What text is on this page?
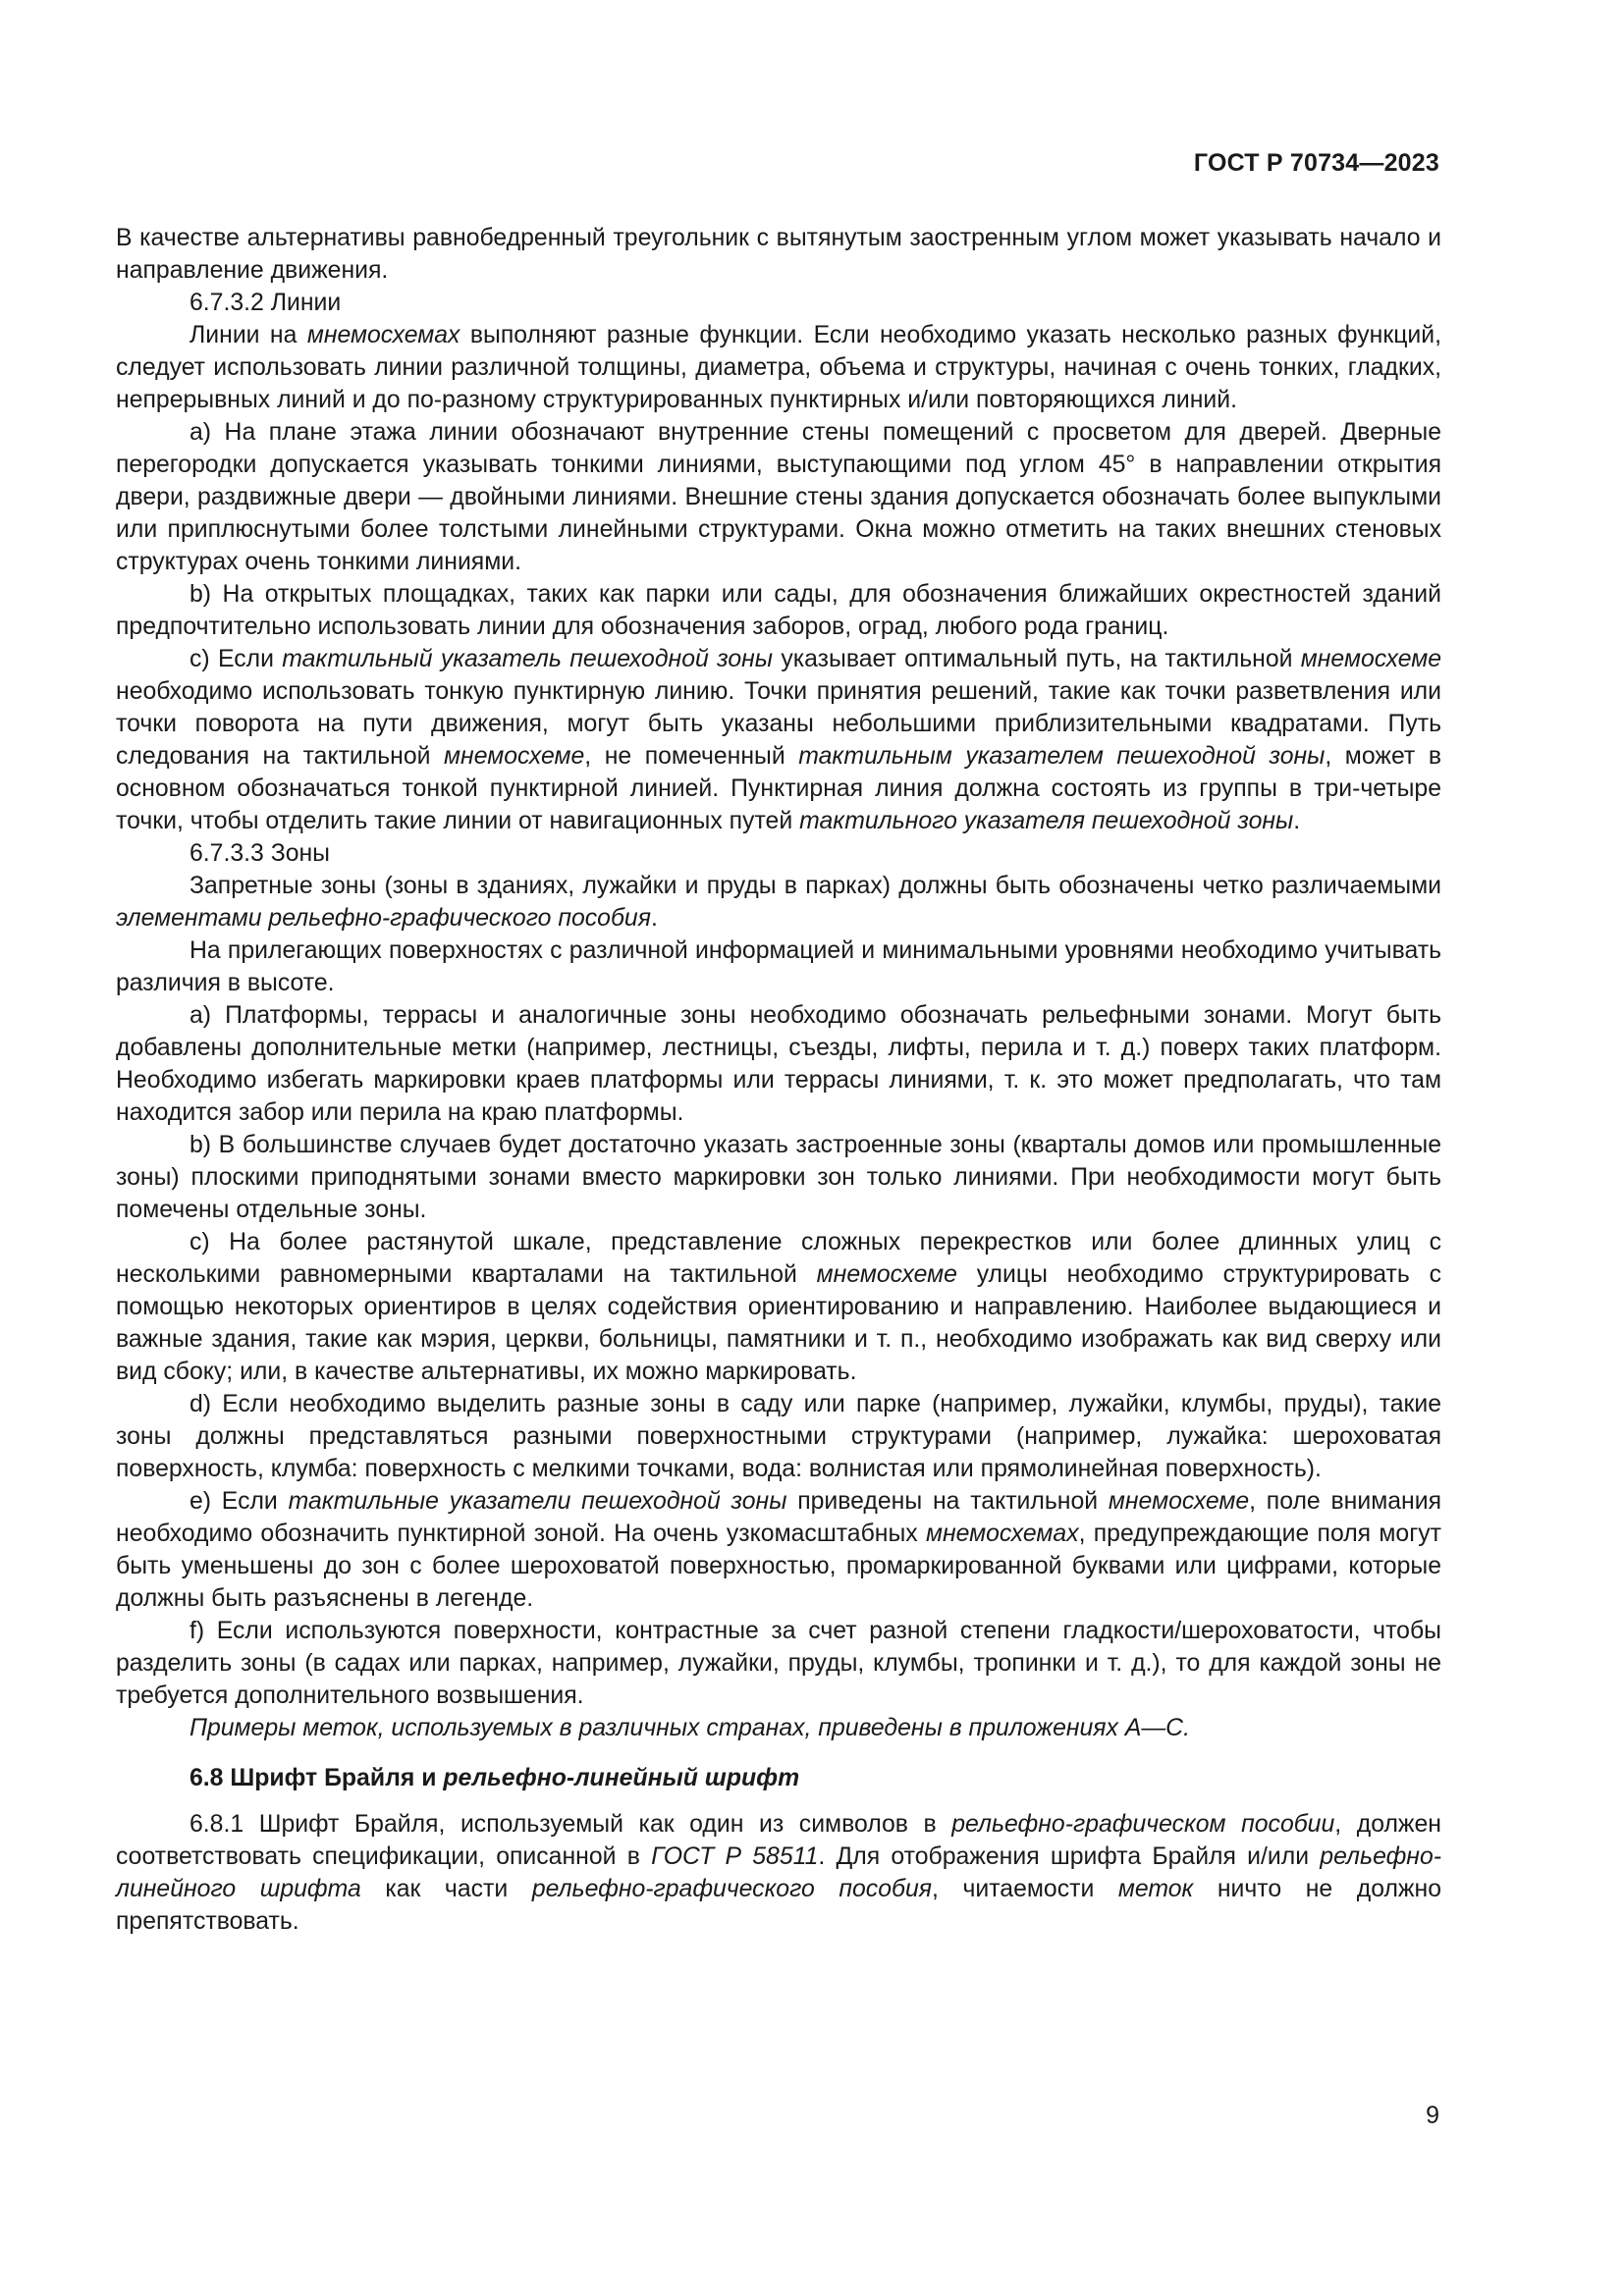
ГОСТ Р 70734—2023

В качестве альтернативы равнобедренный треугольник с вытянутым заостренным углом может указывать начало и направление движения.

6.7.3.2 Линии

Линии на мнемосхемах выполняют разные функции. Если необходимо указать несколько разных функций, следует использовать линии различной толщины, диаметра, объема и структуры, начиная с очень тонких, гладких, непрерывных линий и до по-разному структурированных пунктирных и/или повторяющихся линий.

a) На плане этажа линии обозначают внутренние стены помещений с просветом для дверей. Дверные перегородки допускается указывать тонкими линиями, выступающими под углом 45° в направлении открытия двери, раздвижные двери — двойными линиями. Внешние стены здания допускается обозначать более выпуклыми или приплюснутыми более толстыми линейными структурами. Окна можно отметить на таких внешних стеновых структурах очень тонкими линиями.

b) На открытых площадках, таких как парки или сады, для обозначения ближайших окрестностей зданий предпочтительно использовать линии для обозначения заборов, оград, любого рода границ.

c) Если тактильный указатель пешеходной зоны указывает оптимальный путь, на тактильной мнемосхеме необходимо использовать тонкую пунктирную линию. Точки принятия решений, такие как точки разветвления или точки поворота на пути движения, могут быть указаны небольшими приблизительными квадратами. Путь следования на тактильной мнемосхеме, не помеченный тактильным указателем пешеходной зоны, может в основном обозначаться тонкой пунктирной линией. Пунктирная линия должна состоять из группы в три-четыре точки, чтобы отделить такие линии от навигационных путей тактильного указателя пешеходной зоны.

6.7.3.3 Зоны

Запретные зоны (зоны в зданиях, лужайки и пруды в парках) должны быть обозначены четко различаемыми элементами рельефно-графического пособия.

На прилегающих поверхностях с различной информацией и минимальными уровнями необходимо учитывать различия в высоте.

a) Платформы, террасы и аналогичные зоны необходимо обозначать рельефными зонами. Могут быть добавлены дополнительные метки (например, лестницы, съезды, лифты, перила и т. д.) поверх таких платформ. Необходимо избегать маркировки краев платформы или террасы линиями, т. к. это может предполагать, что там находится забор или перила на краю платформы.

b) В большинстве случаев будет достаточно указать застроенные зоны (кварталы домов или промышленные зоны) плоскими приподнятыми зонами вместо маркировки зон только линиями. При необходимости могут быть помечены отдельные зоны.

c) На более растянутой шкале, представление сложных перекрестков или более длинных улиц с несколькими равномерными кварталами на тактильной мнемосхеме улицы необходимо структурировать с помощью некоторых ориентиров в целях содействия ориентированию и направлению. Наиболее выдающиеся и важные здания, такие как мэрия, церкви, больницы, памятники и т. п., необходимо изображать как вид сверху или вид сбоку; или, в качестве альтернативы, их можно маркировать.

d) Если необходимо выделить разные зоны в саду или парке (например, лужайки, клумбы, пруды), такие зоны должны представляться разными поверхностными структурами (например, лужайка: шероховатая поверхность, клумба: поверхность с мелкими точками, вода: волнистая или прямолинейная поверхность).

e) Если тактильные указатели пешеходной зоны приведены на тактильной мнемосхеме, поле внимания необходимо обозначить пунктирной зоной. На очень узкомасштабных мнемосхемах, предупреждающие поля могут быть уменьшены до зон с более шероховатой поверхностью, промаркированной буквами или цифрами, которые должны быть разъяснены в легенде.

f) Если используются поверхности, контрастные за счет разной степени гладкости/шероховатости, чтобы разделить зоны (в садах или парках, например, лужайки, пруды, клумбы, тропинки и т. д.), то для каждой зоны не требуется дополнительного возвышения.

Примеры меток, используемых в различных странах, приведены в приложениях А—С.

6.8 Шрифт Брайля и рельефно-линейный шрифт

6.8.1 Шрифт Брайля, используемый как один из символов в рельефно-графическом пособии, должен соответствовать спецификации, описанной в ГОСТ Р 58511. Для отображения шрифта Брайля и/или рельефно-линейного шрифта как части рельефно-графического пособия, читаемости меток ничто не должно препятствовать.

9
